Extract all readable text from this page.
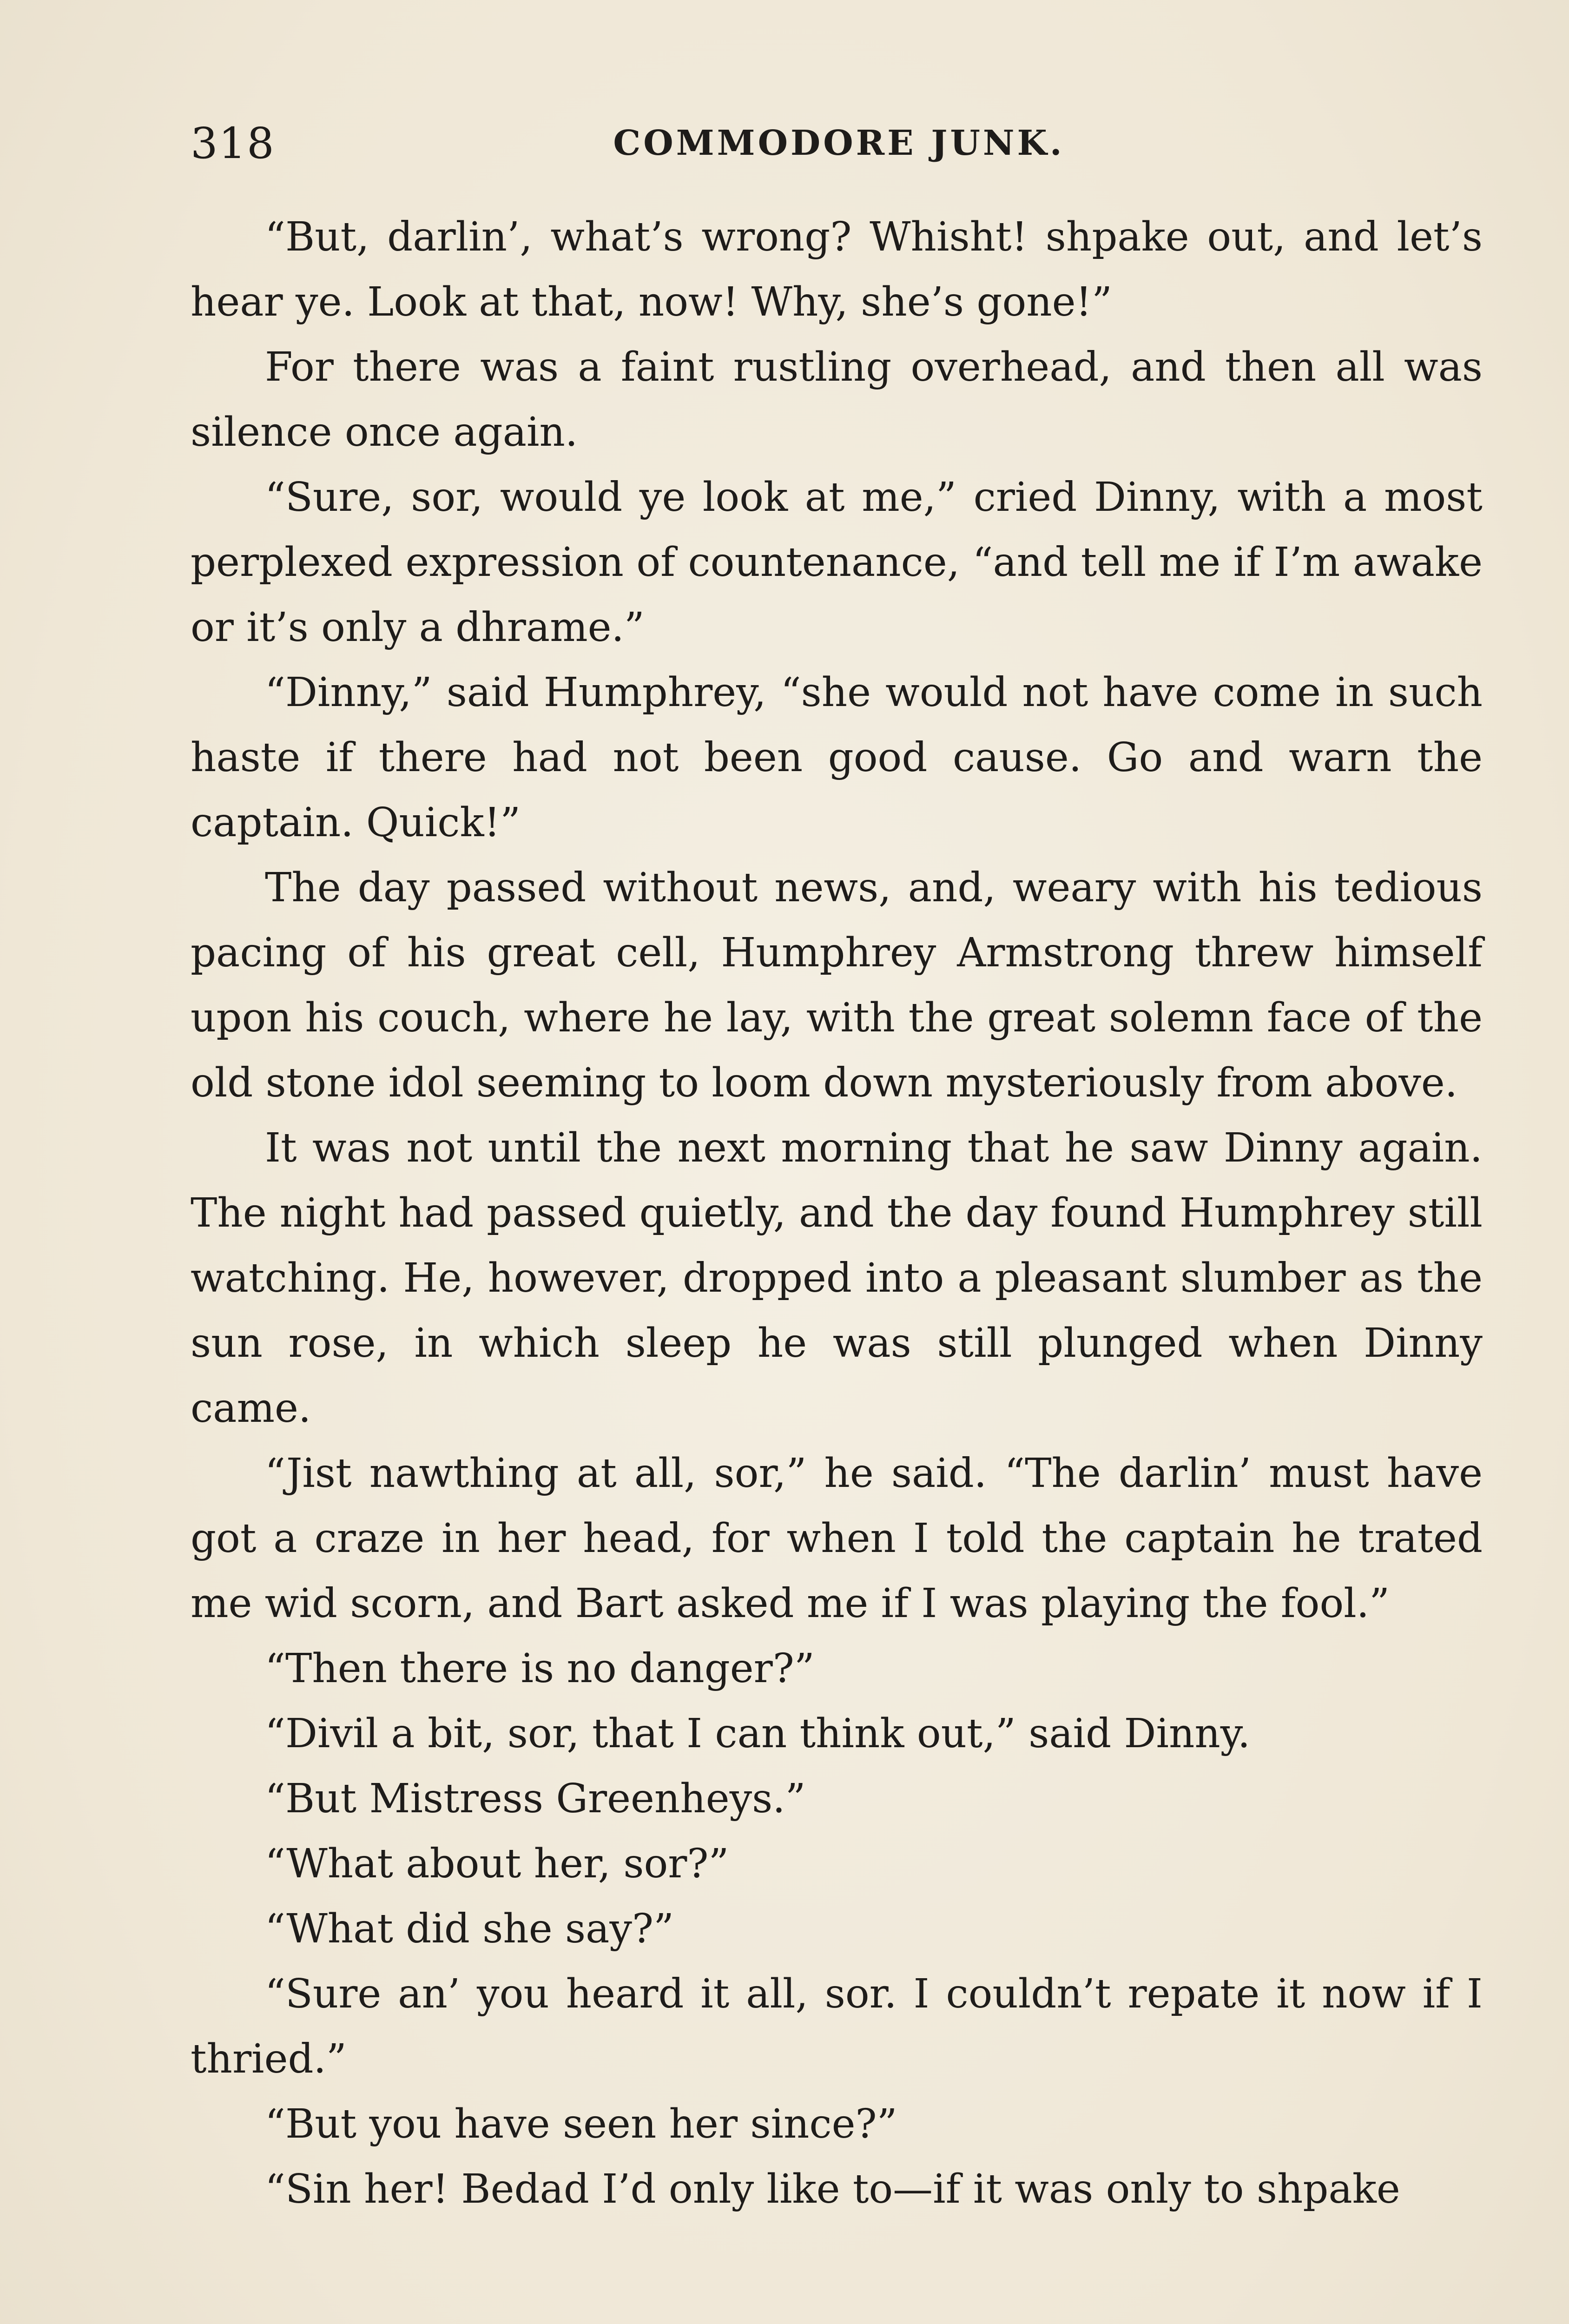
318	COMMODORE JUNK.

“But, darlin’, what’s wrong? Whisht! shpake out, and let’s hear ye. Look at that, now! Why, she’s gone!”

For there was a faint rustling overhead, and then all was silence once again.

“Sure, sor, would ye look at me,” cried Dinny, with a most perplexed expression of countenance, “and tell me if I’m awake or it’s only a dhrame.”

“Dinny,” said Humphrey, “she would not have come in such haste if there had not been good cause. Go and warn the captain. Quick!”

The day passed without news, and, weary with his tedious pacing of his great cell, Humphrey Armstrong threw himself upon his couch, where he lay, with the great solemn face of the old stone idol seeming to loom down mysteriously from above.

It was not until the next morning that he saw Dinny again. The night had passed quietly, and the day found Humphrey still watching. He, however, dropped into a pleasant slumber as the sun rose, in which sleep he was still plunged when Dinny came.

“Jist nawthing at all, sor,” he said. “The darlin’ must have got a craze in her head, for when I told the captain he trated me wid scorn, and Bart asked me if I was playing the fool.”

“Then there is no danger?”

“Divil a bit, sor, that I can think out,” said Dinny.

“But Mistress Greenheys.”

“What about her, sor?”

“What did she say?”

“Sure an’ you heard it all, sor. I couldn’t repate it now if I thried.”

“But you have seen her since?”

“Sin her! Bedad I’d only like to—if it was only to shpake
